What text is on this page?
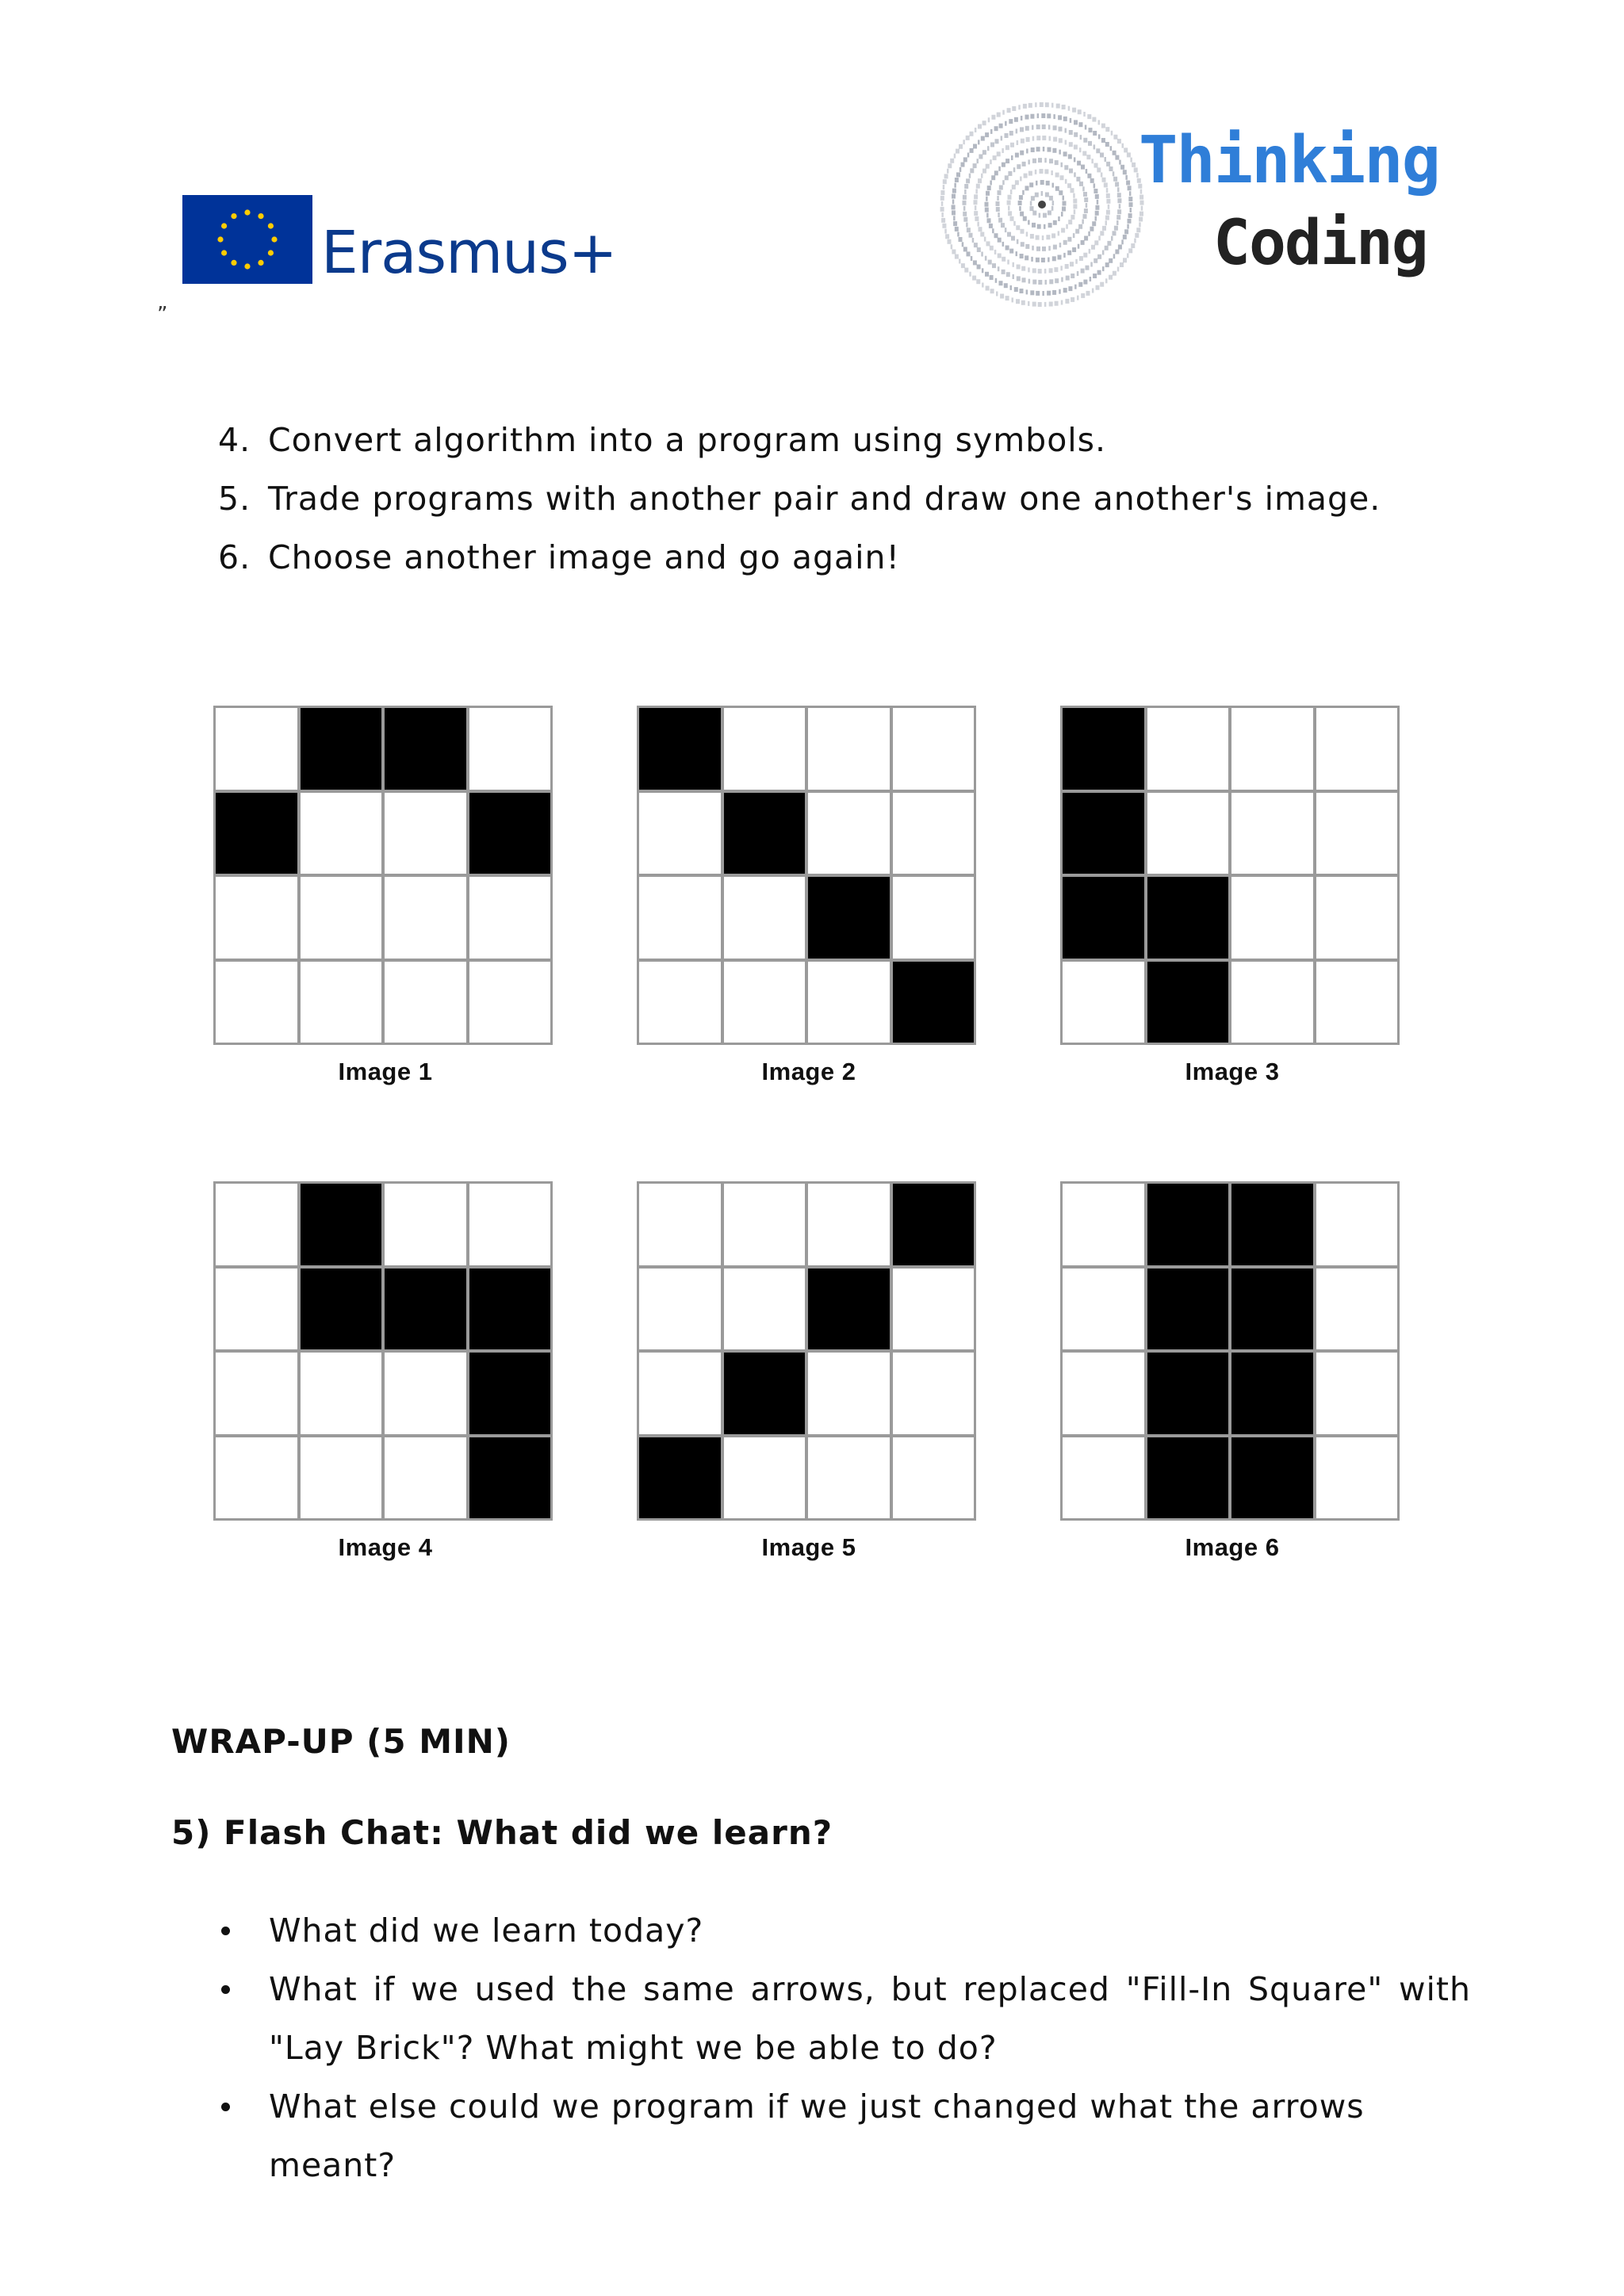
Erasmus+
Thinking
Coding
”
4. Convert algorithm into a program using symbols.
5. Trade programs with another pair and draw one another's image.
6. Choose another image and go again!
Image 1	Image 2	Image 3
Image 4	Image 5	Image 6
WRAP-UP (5 MIN)
5) Flash Chat: What did we learn?
What did we learn today?
What if we used the same arrows, but replaced "Fill-In Square" with "Lay Brick"? What might we be able to do?
What else could we program if we just changed what the arrows meant?
